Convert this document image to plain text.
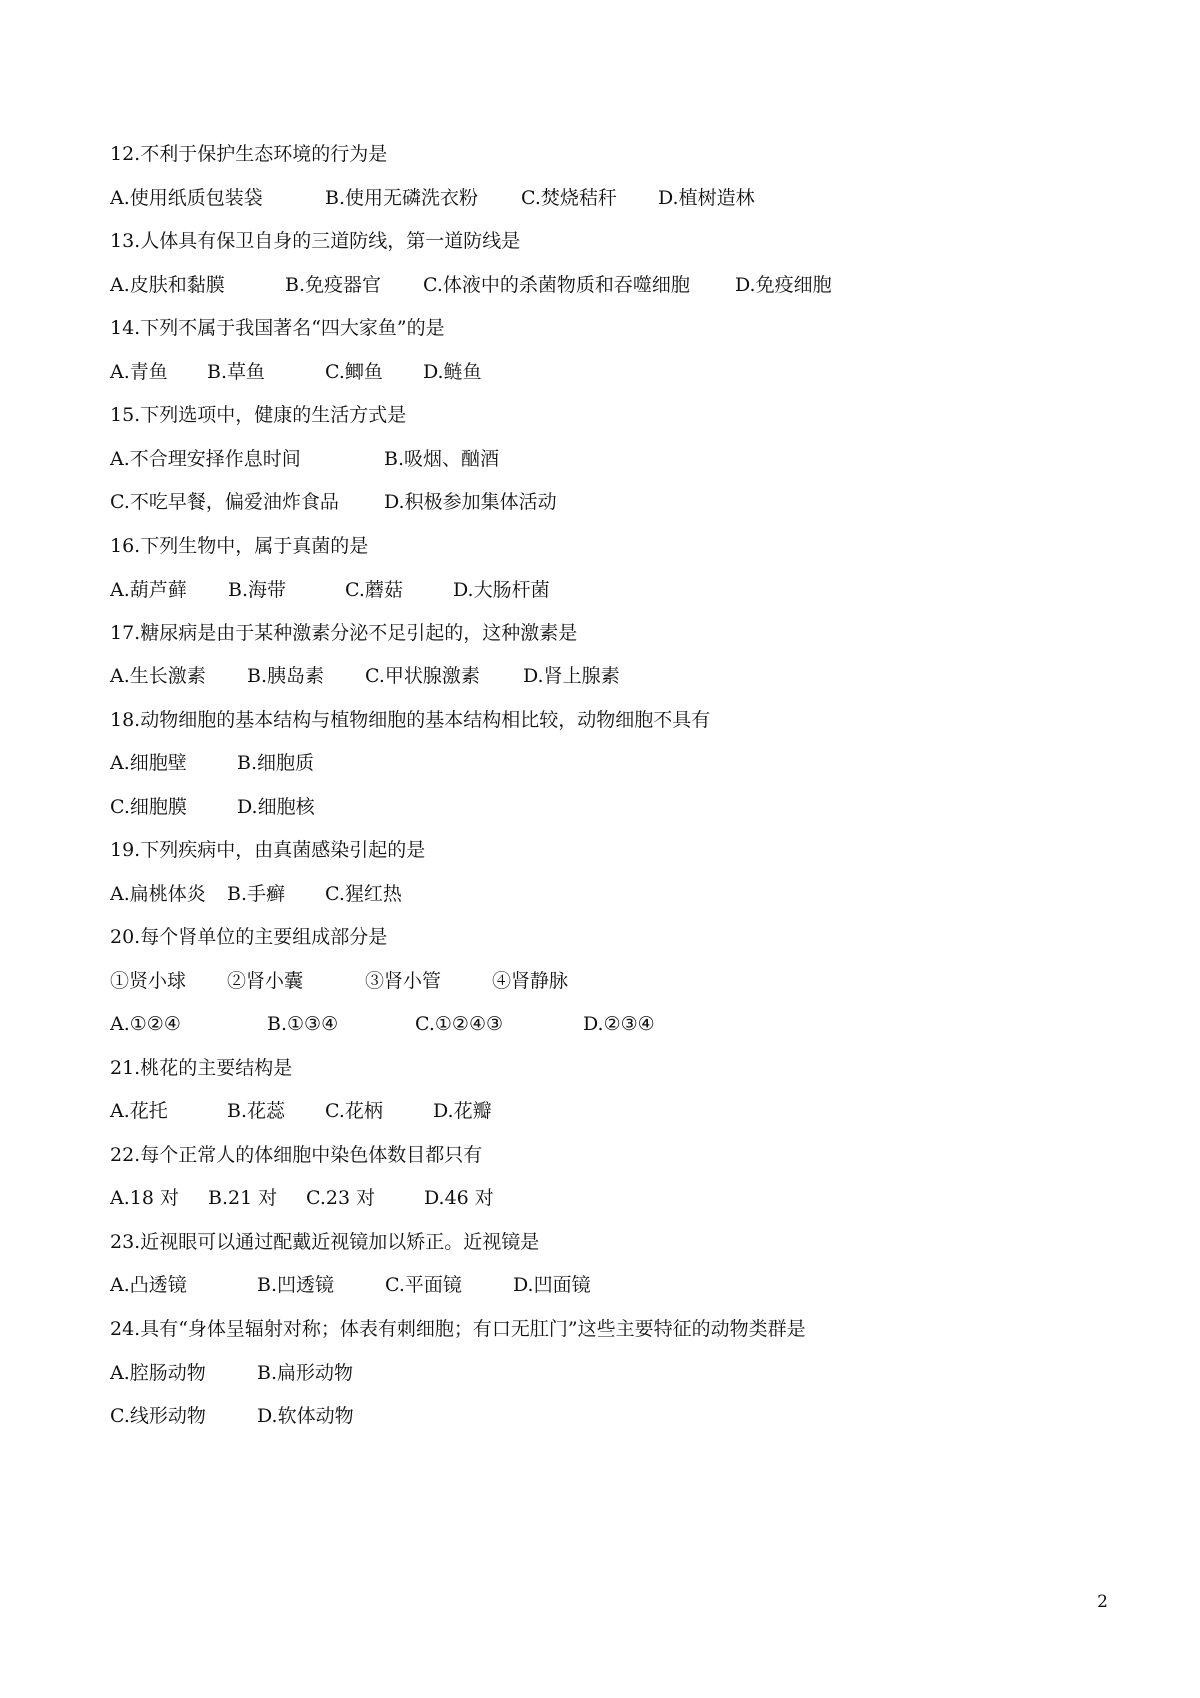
12.不利于保护生态环境的行为是
A.使用纸质包装袋	B.使用无磷洗衣粉 C.焚烧秸秆 D.植树造林
13.人体具有保卫自身的三道防线，第一道防线是
A.皮肤和黏膜	B.免疫器官 C.体液中的杀菌物质和吞噬细胞 D.免疫细胞
14.下列不属于我国著名“四大家鱼”的是
A.青鱼 B.草鱼	C.鲫鱼 D.鲢鱼
15.下列选项中，健康的生活方式是
A.不合理安择作息时间	B.吸烟、酗酒
C.不吃早餐，偏爱油炸食品 D.积极参加集体活动
16.下列生物中，属于真菌的是
A.葫芦藓 B.海带	C.蘑菇	D.大肠杆菌
17.糖尿病是由于某种激素分泌不足引起的，这种激素是
A.生长激素 B.胰岛素 C.甲状腺激素 D.肾上腺素
18.动物细胞的基本结构与植物细胞的基本结构相比较，动物细胞不具有
A.细胞壁	B.细胞质
C.细胞膜	D.细胞核
19.下列疾病中，由真菌感染引起的是
A.扁桃体炎 B.手癣 C.猩红热
20.每个肾单位的主要组成部分是
①贤小球 ②肾小囊	③肾小管	④肾静脉
A.①②④	B.①③④	C.①②④③	D.②③④
21.桃花的主要结构是
A.花托	B.花蕊 C.花柄	D.花瓣
22.每个正常人的体细胞中染色体数目都只有
A.18 对 B.21 对 C.23 对	D.46 对
23.近视眼可以通过配戴近视镜加以矫正。近视镜是
A.凸透镜	B.凹透镜	C.平面镜	D.凹面镜
24.具有“身体呈辐射对称；体表有刺细胞；有口无肛门”这些主要特征的动物类群是
A.腔肠动物	B.扁形动物
C.线形动物	D.软体动物
2
